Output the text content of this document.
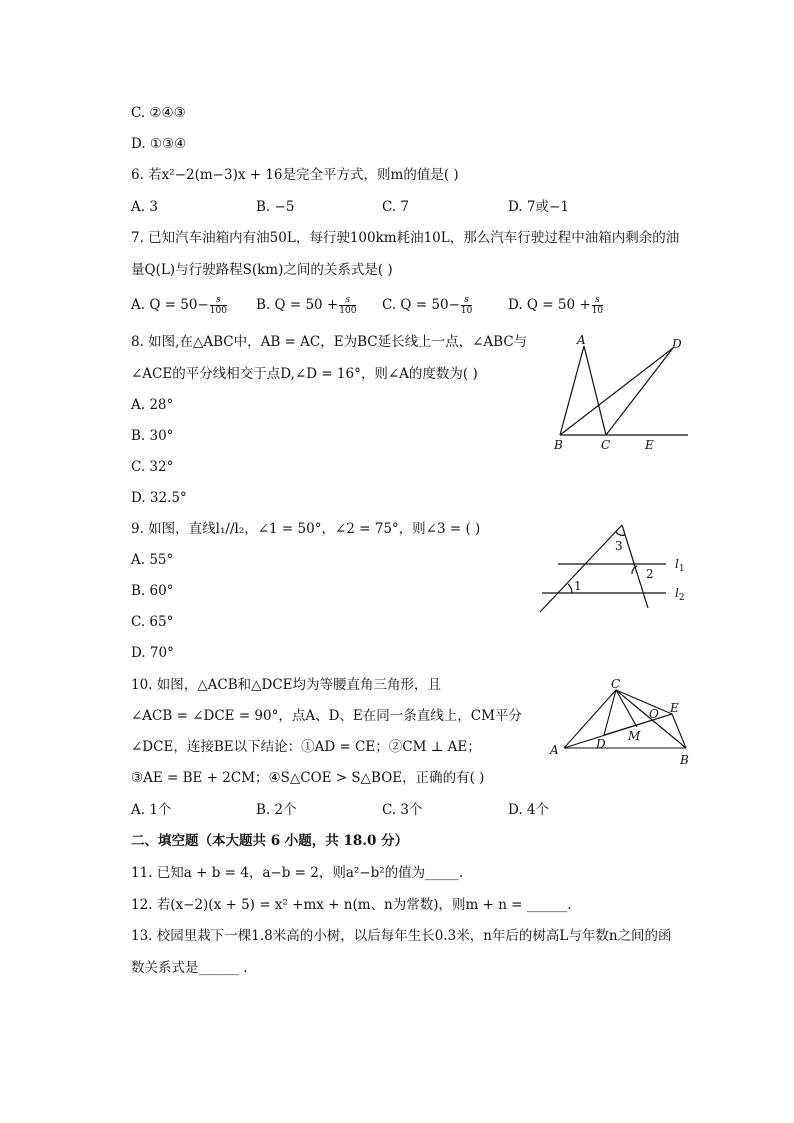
C. ②④③
D. ①③④
6. 若x²−2(m−3)x + 16是完全平方式，则m的值是( )
A. 3	B. −5	C. 7	D. 7或−1
7. 已知汽车油箱内有油50L，每行驶100km耗油10L，那么汽车行驶过程中油箱内剩余的油
量Q(L)与行驶路程S(km)之间的关系式是( )
A. $Q = 50- \frac{s}{100} B$. $Q = 50 + \frac{s}{100} C$. $Q = 50- \frac{s}{10}$	D. $Q = 50 + \frac{s}{10}$
8. 如图,在△ABC中，AB = AC，E为BC延长线上一点，∠ABC与
∠ACE的平分线相交于点D,∠D = 16°，则∠A的度数为( )
A. 28°
B. 30°
C. 32°
D. 32.5°
A	D
B	C	E
9. 如图，直线l₁//l₂，∠1 = 50°，∠2 = 75°，则∠3 = ( )
A. 55°
B. 60°
C. 65°
D. 70°
1
2
3
$l_1$
$l_2$
10. 如图，△ACB和△DCE均为等腰直角三角形，且
∠ACB = ∠DCE = 90°，点A、D、E在同一条直线上，CM平分
∠DCE，连接BE以下结论：①AD = CE；②CM ⊥ AE；
③AE = BE + 2CM；④S△COE > S△BOE，正确的有( )
A. 1个	B. 2个	C. 3个	D. 4个
C
A
B
D
E
M
O
二、填空题（本大题共 6 小题，共 18.0 分）
11. 已知a + b = 4，a−b = 2，则a²−b²的值为_____.
12. 若(x−2)(x + 5) = x² +mx + n(m、n为常数)，则m + n = ______.
13. 校园里栽下一棵1.8米高的小树，以后每年生长0.3米，n年后的树高L与年数n之间的函
数关系式是______ .
